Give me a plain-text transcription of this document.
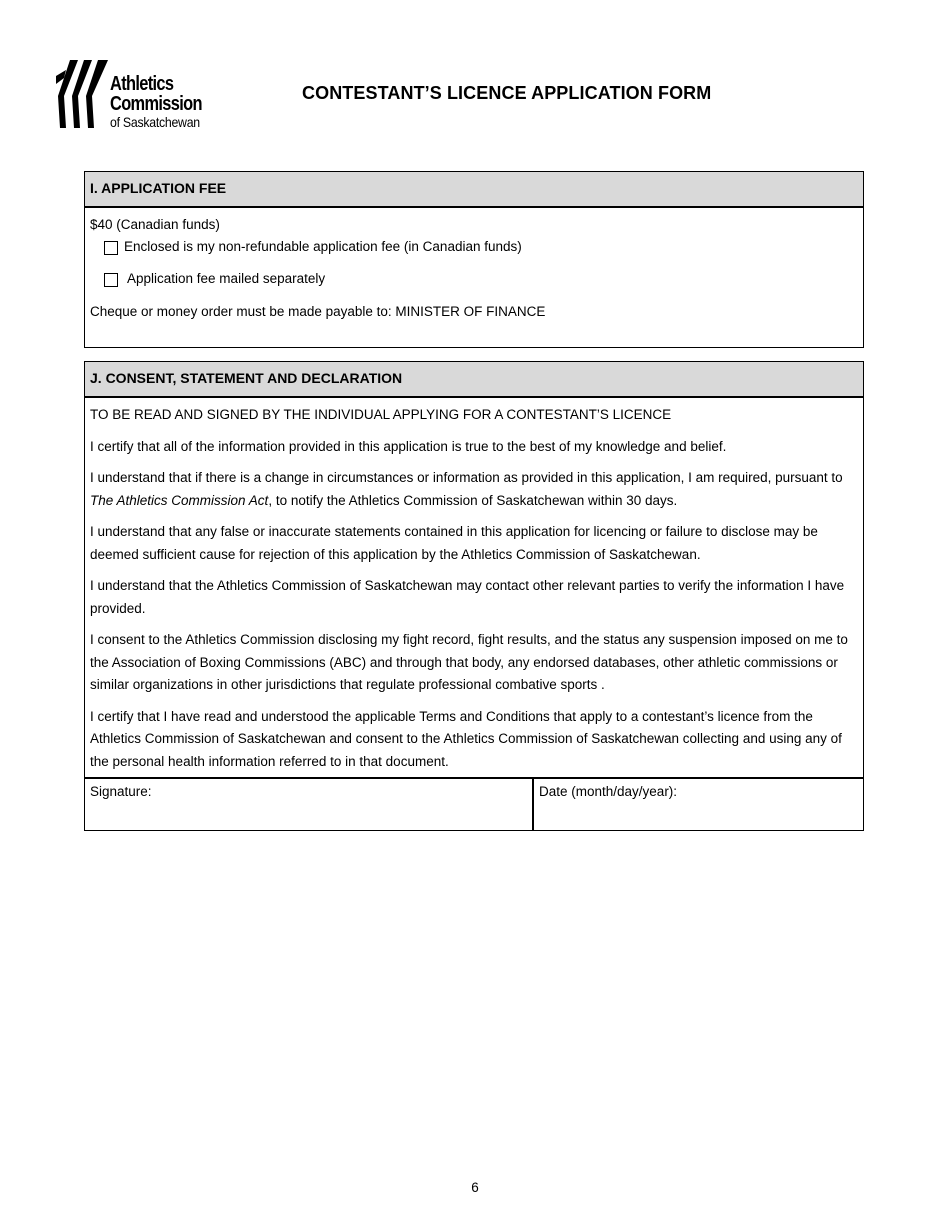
Athletics
Commission
of Saskatchewan
CONTESTANT’S LICENCE APPLICATION FORM
I. APPLICATION FEE
$40 (Canadian funds)
Enclosed is my non-refundable application fee (in Canadian funds)
Application fee mailed separately
Cheque or money order must be made payable to: MINISTER OF FINANCE
J. CONSENT, STATEMENT AND DECLARATION

TO BE READ AND SIGNED BY THE INDIVIDUAL APPLYING FOR A CONTESTANT’S LICENCE

I certify that all of the information provided in this application is true to the best of my knowledge and belief.

I understand that if there is a change in circumstances or information as provided in this application, I am required, pursuant to The Athletics Commission Act, to notify the Athletics Commission of Saskatchewan within 30 days.

I understand that any false or inaccurate statements contained in this application for licencing or failure to disclose may be deemed sufficient cause for rejection of this application by the Athletics Commission of Saskatchewan.

I understand that the Athletics Commission of Saskatchewan may contact other relevant parties to verify the information I have provided.

I consent to the Athletics Commission disclosing my fight record, fight results, and the status any suspension imposed on me to the Association of Boxing Commissions (ABC) and through that body, any endorsed databases, other athletic commissions or similar organizations in other jurisdictions that regulate professional combative sports .

I certify that I have read and understood the applicable Terms and Conditions that apply to a contestant’s licence from the Athletics Commission of Saskatchewan and consent to the Athletics Commission of Saskatchewan collecting and using any of the personal health information referred to in that document.

Signature:	Date (month/day/year):
6
